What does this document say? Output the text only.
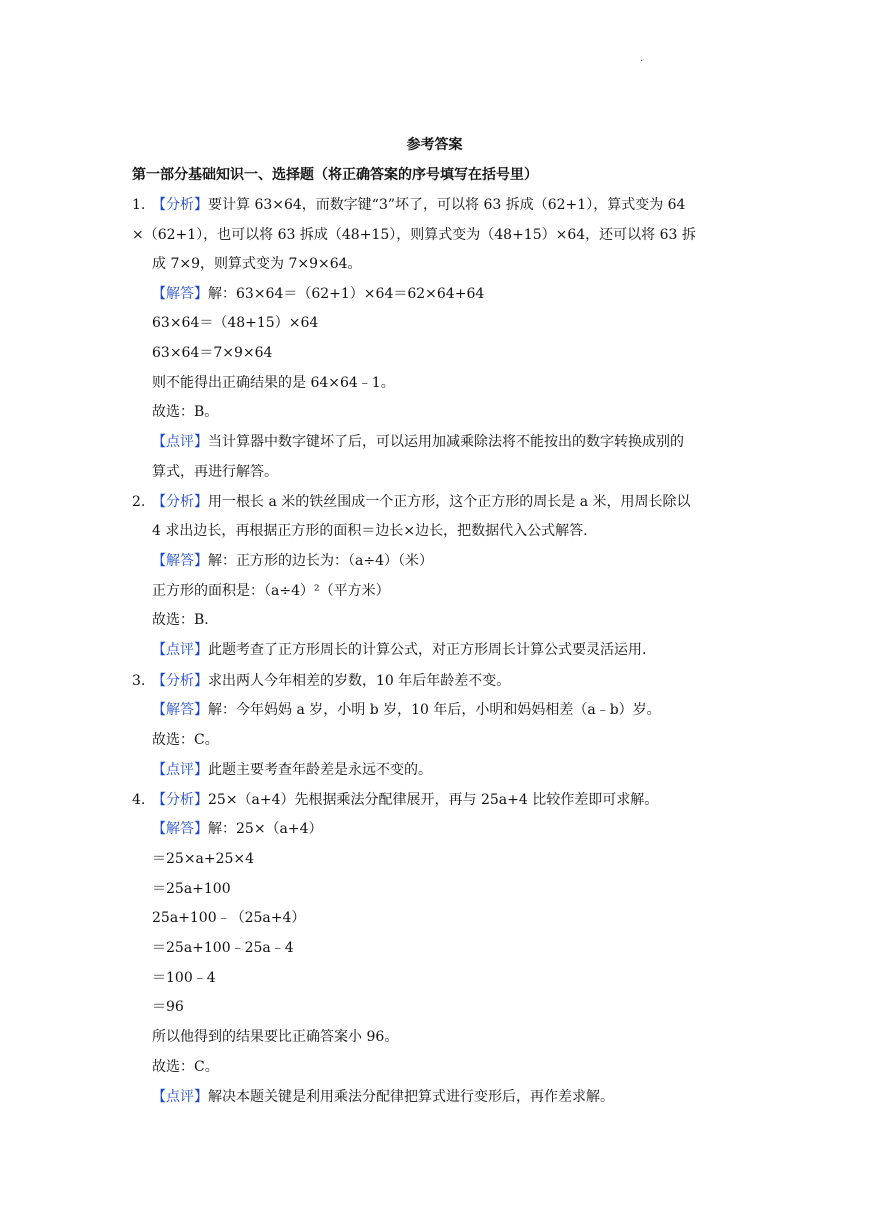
·
参考答案
第一部分基础知识一、选择题（将正确答案的序号填写在括号里）
1. 【分析】要计算 63×64，而数字键“3”坏了，可以将 63 拆成（62+1），算式变为 64
×（62+1），也可以将 63 拆成（48+15），则算式变为（48+15）×64，还可以将 63 拆
成 7×9，则算式变为 7×9×64。
【解答】解：63×64＝（62+1）×64＝62×64+64
63×64＝（48+15）×64
63×64＝7×9×64
则不能得出正确结果的是 64×64﹣1。
故选：B。
【点评】当计算器中数字键坏了后，可以运用加减乘除法将不能按出的数字转换成别的
算式，再进行解答。
2. 【分析】用一根长 a 米的铁丝围成一个正方形，这个正方形的周长是 a 米，用周长除以
4 求出边长，再根据正方形的面积＝边长×边长，把数据代入公式解答.
【解答】解：正方形的边长为：（a÷4）（米）
正方形的面积是：（a÷4）²（平方米）
故选：B.
【点评】此题考查了正方形周长的计算公式，对正方形周长计算公式要灵活运用.
3. 【分析】求出两人今年相差的岁数，10 年后年龄差不变。
【解答】解：今年妈妈 a 岁，小明 b 岁，10 年后，小明和妈妈相差（a﹣b）岁。
故选：C。
【点评】此题主要考查年龄差是永远不变的。
4. 【分析】25×（a+4）先根据乘法分配律展开，再与 25a+4 比较作差即可求解。
【解答】解：25×（a+4）
＝25×a+25×4
＝25a+100
25a+100﹣（25a+4）
＝25a+100﹣25a﹣4
＝100﹣4
＝96
所以他得到的结果要比正确答案小 96。
故选：C。
【点评】解决本题关键是利用乘法分配律把算式进行变形后，再作差求解。
